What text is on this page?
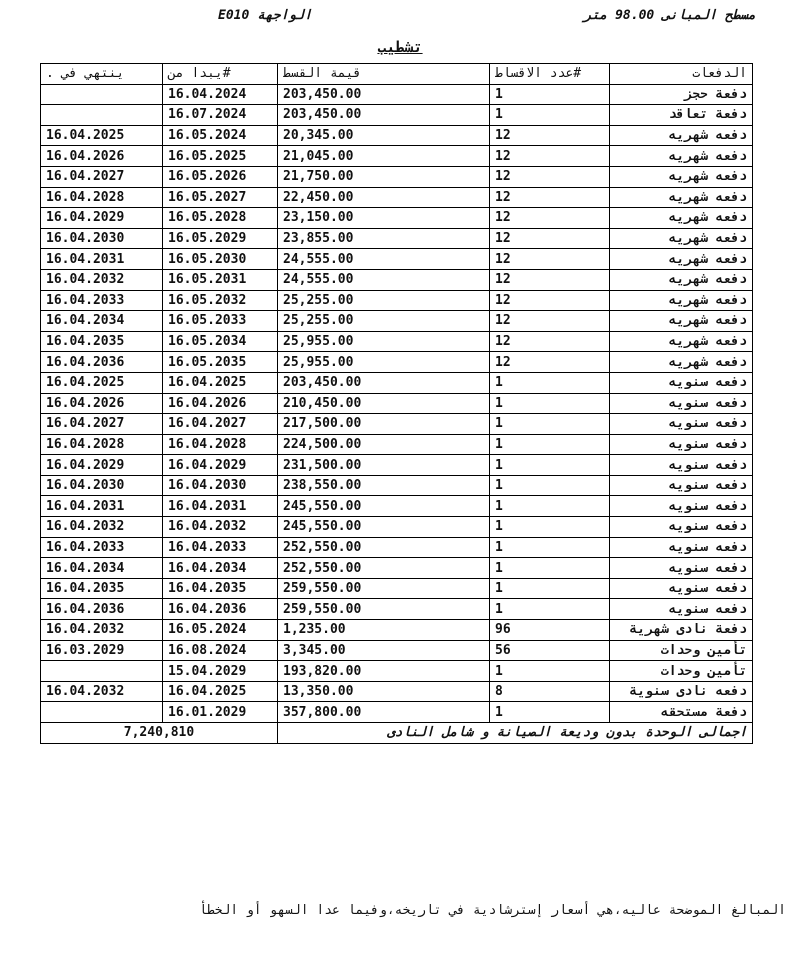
مسطح المبانى 98.00 متر
الواجهة E010
تشطيب
الدفعات	#عدد الاقساط	قيمة القسط	#يبدا من	ينتهي في .
دفعة حجز	1	203,450.00	16.04.2024	
دفعة تعاقد	1	203,450.00	16.07.2024	
دفعه شهريه	12	20,345.00	16.05.2024	16.04.2025
دفعه شهريه	12	21,045.00	16.05.2025	16.04.2026
دفعه شهريه	12	21,750.00	16.05.2026	16.04.2027
دفعه شهريه	12	22,450.00	16.05.2027	16.04.2028
دفعه شهريه	12	23,150.00	16.05.2028	16.04.2029
دفعه شهريه	12	23,855.00	16.05.2029	16.04.2030
دفعه شهريه	12	24,555.00	16.05.2030	16.04.2031
دفعه شهريه	12	24,555.00	16.05.2031	16.04.2032
دفعه شهريه	12	25,255.00	16.05.2032	16.04.2033
دفعه شهريه	12	25,255.00	16.05.2033	16.04.2034
دفعه شهريه	12	25,955.00	16.05.2034	16.04.2035
دفعه شهريه	12	25,955.00	16.05.2035	16.04.2036
دفعه سنويه	1	203,450.00	16.04.2025	16.04.2025
دفعه سنويه	1	210,450.00	16.04.2026	16.04.2026
دفعه سنويه	1	217,500.00	16.04.2027	16.04.2027
دفعه سنويه	1	224,500.00	16.04.2028	16.04.2028
دفعه سنويه	1	231,500.00	16.04.2029	16.04.2029
دفعه سنويه	1	238,550.00	16.04.2030	16.04.2030
دفعه سنويه	1	245,550.00	16.04.2031	16.04.2031
دفعه سنويه	1	245,550.00	16.04.2032	16.04.2032
دفعه سنويه	1	252,550.00	16.04.2033	16.04.2033
دفعه سنويه	1	252,550.00	16.04.2034	16.04.2034
دفعه سنويه	1	259,550.00	16.04.2035	16.04.2035
دفعه سنويه	1	259,550.00	16.04.2036	16.04.2036
دفعة نادى شهرية	96	1,235.00	16.05.2024	16.04.2032
تأمين وحدات	56	3,345.00	16.08.2024	16.03.2029
تأمين وحدات	1	193,820.00	15.04.2029	
دفعه نادى سنوية	8	13,350.00	16.04.2025	16.04.2032
دفعة مستحقه	1	357,800.00	16.01.2029	
اجمالى الوحدة بدون وديعة الصيانة و شامل النادى			7,240,810	
المبالغ الموضحة عاليه،هي أسعار إسترشادية في تاريخه،وفيما عدا السهو أو الخطأ
